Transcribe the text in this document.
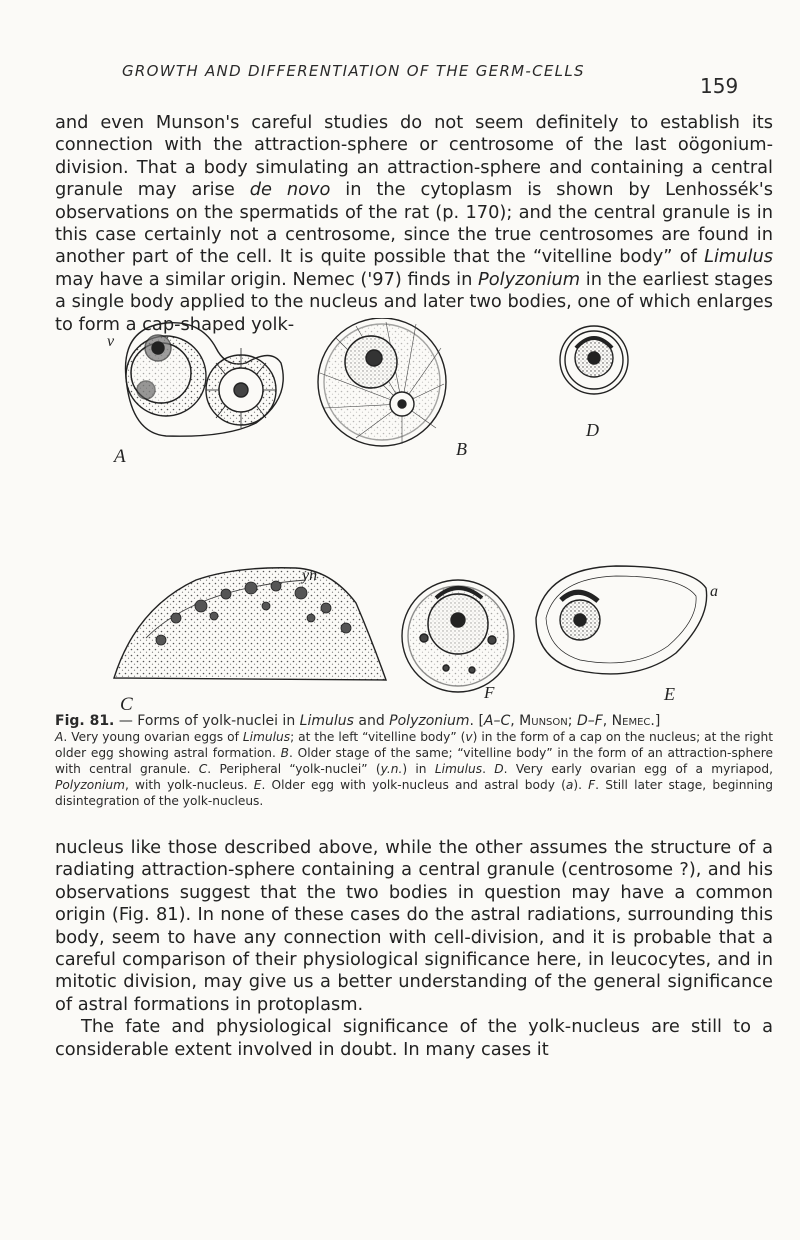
GROWTH AND DIFFERENTIATION OF THE GERM-CELLS
159

and even Munson's careful studies do not seem definitely to establish its connection with the attraction-sphere or centrosome of the last oögonium-division. That a body simulating an attraction-sphere and containing a central granule may arise de novo in the cytoplasm is shown by Lenhossék's observations on the spermatids of the rat (p. 170); and the central granule is in this case certainly not a centrosome, since the true centrosomes are found in another part of the cell. It is quite possible that the “vitelline body” of Limulus may have a similar origin. Nemec ('97) finds in Polyzonium in the earliest stages a single body applied to the nucleus and later two bodies, one of which enlarges to form a cap-shaped yolk-

v
A	B
D
yn
C
F
a
E

Fig. 81. — Forms of yolk-nuclei in Limulus and Polyzonium. [A–C, Munson; D–F, Nemec.]

A. Very young ovarian eggs of Limulus; at the left “vitelline body” (v) in the form of a cap on the nucleus; at the right older egg showing astral formation. B. Older stage of the same; “vitelline body” in the form of an attraction-sphere with central granule. C. Peripheral “yolk-nuclei” (y.n.) in Limulus. D. Very early ovarian egg of a myriapod, Polyzonium, with yolk-nucleus. E. Older egg with yolk-nucleus and astral body (a). F. Still later stage, beginning disintegration of the yolk-nucleus.

nucleus like those described above, while the other assumes the structure of a radiating attraction-sphere containing a central granule (centrosome ?), and his observations suggest that the two bodies in question may have a common origin (Fig. 81). In none of these cases do the astral radiations, surrounding this body, seem to have any connection with cell-division, and it is probable that a careful comparison of their physiological significance here, in leucocytes, and in mitotic division, may give us a better understanding of the general significance of astral formations in protoplasm.

The fate and physiological significance of the yolk-nucleus are still to a considerable extent involved in doubt. In many cases it
